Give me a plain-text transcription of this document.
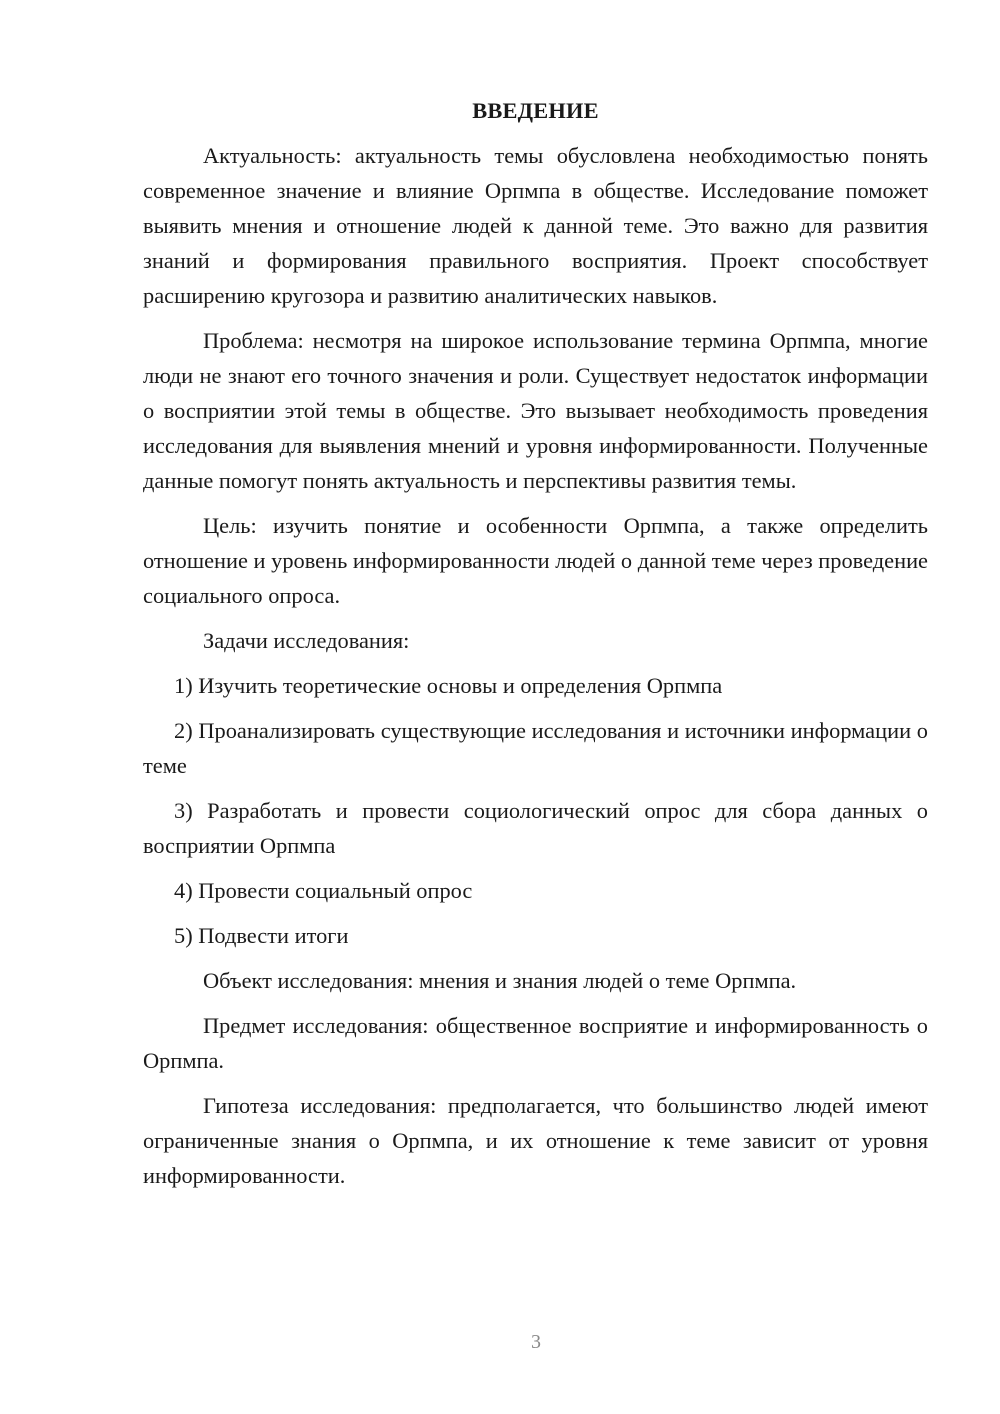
ВВЕДЕНИЕ

Актуальность: актуальность темы обусловлена необходимостью понять современное значение и влияние Орпмпа в обществе. Исследование поможет выявить мнения и отношение людей к данной теме. Это важно для развития знаний и формирования правильного восприятия. Проект способствует расширению кругозора и развитию аналитических навыков.

Проблема: несмотря на широкое использование термина Орпмпа, многие люди не знают его точного значения и роли. Существует недостаток информации о восприятии этой темы в обществе. Это вызывает необходимость проведения исследования для выявления мнений и уровня информированности. Полученные данные помогут понять актуальность и перспективы развития темы.

Цель: изучить понятие и особенности Орпмпа, а также определить отношение и уровень информированности людей о данной теме через проведение социального опроса.

Задачи исследования:

1) Изучить теоретические основы и определения Орпмпа

2) Проанализировать существующие исследования и источники информации о теме

3) Разработать и провести социологический опрос для сбора данных о восприятии Орпмпа

4) Провести социальный опрос

5) Подвести итоги

Объект исследования: мнения и знания людей о теме Орпмпа.

Предмет исследования: общественное восприятие и информированность о Орпмпа.

Гипотеза исследования: предполагается, что большинство людей имеют ограниченные знания о Орпмпа, и их отношение к теме зависит от уровня информированности.

3
